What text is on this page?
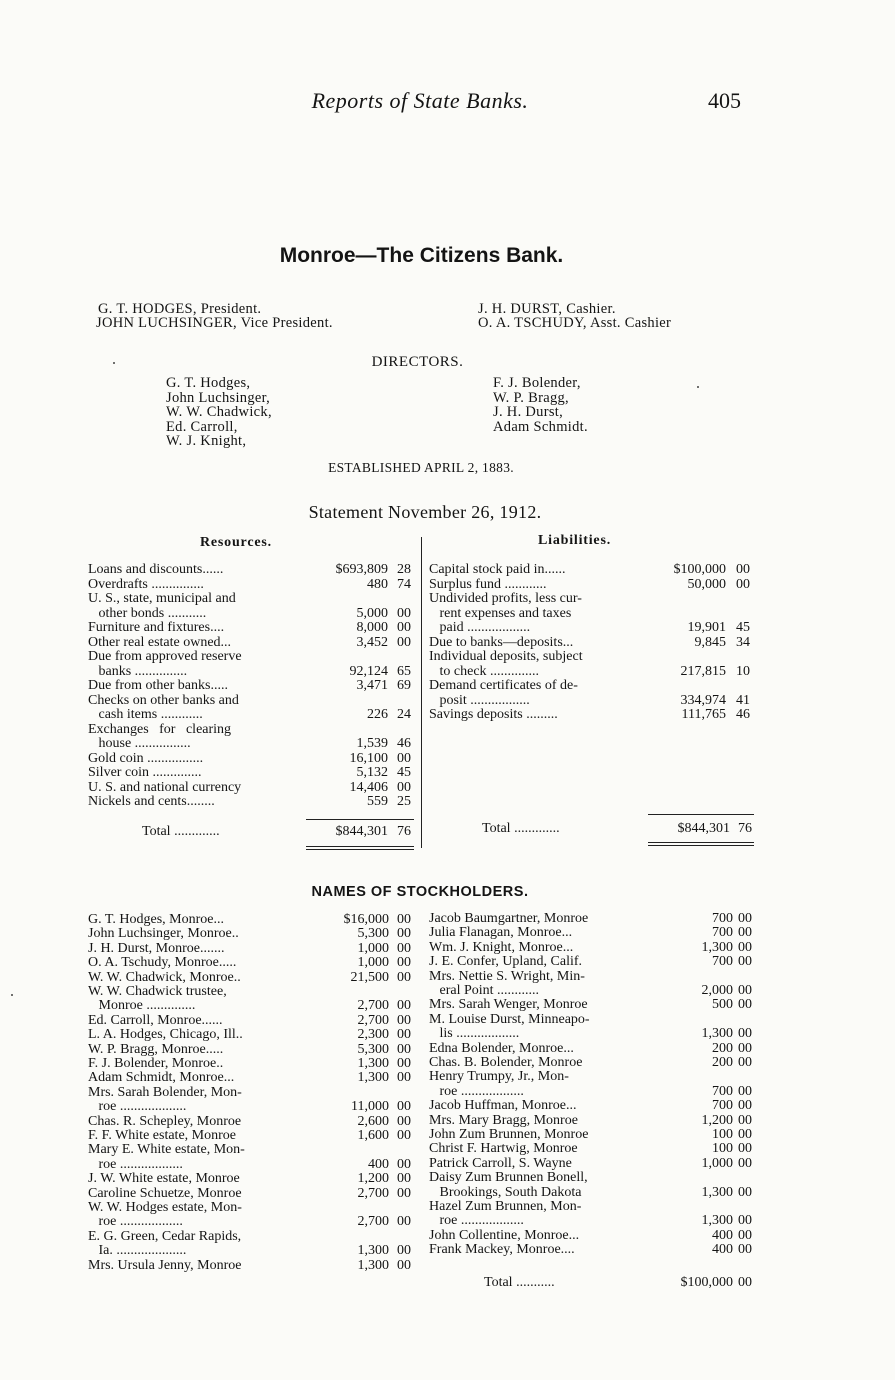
Reports of State Banks.	405
Monroe—The Citizens Bank.
G. T. HODGES, President.
JOHN LUCHSINGER, Vice President.
J. H. DURST, Cashier.
O. A. TSCHUDY, Asst. Cashier
DIRECTORS.
G. T. Hodges,
John Luchsinger,
W. W. Chadwick,
Ed. Carroll,
W. J. Knight,
F. J. Bolender,
W. P. Bragg,
J. H. Durst,
Adam Schmidt.
ESTABLISHED APRIL 2, 1883.
Statement November 26, 1912.
Resources.	Liabilities.
Loans and discounts......	$693,809 28
Overdrafts ...............	480 74
U. S., state, municipal and
other bonds ...........	5,000 00
Furniture and fixtures....	8,000 00
Other real estate owned...	3,452 00
Due from approved reserve
banks ...............	92,124 65
Due from other banks.....	3,471 69
Checks on other banks and
cash items ............	226 24
Exchanges   for   clearing
house ................	1,539 46
Gold coin ................	16,100 00
Silver coin ..............	5,132 45
U. S. and national currency	14,406 00
Nickels and cents........	559 25
Total .............	$844,301 76
Capital stock paid in......	$100,000 00
Surplus fund ............	50,000 00
Undivided profits, less cur-
rent expenses and taxes
paid ..................	19,901 45
Due to banks—deposits...	9,845 34
Individual deposits, subject
to check ..............	217,815 10
Demand certificates of de-
posit .................	334,974 41
Savings deposits .........	111,765 46
Total .............	$844,301 76
NAMES OF STOCKHOLDERS.
G. T. Hodges, Monroe...	$16,000 00
John Luchsinger, Monroe..	5,300 00
J. H. Durst, Monroe.......	1,000 00
O. A. Tschudy, Monroe.....	1,000 00
W. W. Chadwick, Monroe..	21,500 00
W. W. Chadwick trustee,
Monroe ..............	2,700 00
Ed. Carroll, Monroe......	2,700 00
L. A. Hodges, Chicago, Ill..	2,300 00
W. P. Bragg, Monroe.....	5,300 00
F. J. Bolender, Monroe..	1,300 00
Adam Schmidt, Monroe...	1,300 00
Mrs. Sarah Bolender, Mon-
roe ...................	11,000 00
Chas. R. Schepley, Monroe	2,600 00
F. F. White estate, Monroe	1,600 00
Mary E. White estate, Mon-
roe ..................	400 00
J. W. White estate, Monroe	1,200 00
Caroline Schuetze, Monroe	2,700 00
W. W. Hodges estate, Mon-
roe ..................	2,700 00
E. G. Green, Cedar Rapids,
Ia. ....................	1,300 00
Mrs. Ursula Jenny, Monroe	1,300 00
Jacob Baumgartner, Monroe	700 00
Julia Flanagan, Monroe...	700 00
Wm. J. Knight, Monroe...	1,300 00
J. E. Confer, Upland, Calif.	700 00
Mrs. Nettie S. Wright, Min-
eral Point ............	2,000 00
Mrs. Sarah Wenger, Monroe	500 00
M. Louise Durst, Minneapo-
lis ..................	1,300 00
Edna Bolender, Monroe...	200 00
Chas. B. Bolender, Monroe	200 00
Henry Trumpy, Jr., Mon-
roe ..................	700 00
Jacob Huffman, Monroe...	700 00
Mrs. Mary Bragg, Monroe	1,200 00
John Zum Brunnen, Monroe	100 00
Christ F. Hartwig, Monroe	100 00
Patrick Carroll, S. Wayne	1,000 00
Daisy Zum Brunnen Bonell,
Brookings, South Dakota	1,300 00
Hazel Zum Brunnen, Mon-
roe ..................	1,300 00
John Collentine, Monroe...	400 00
Frank Mackey, Monroe....	400 00
Total ...........	$100,000 00
